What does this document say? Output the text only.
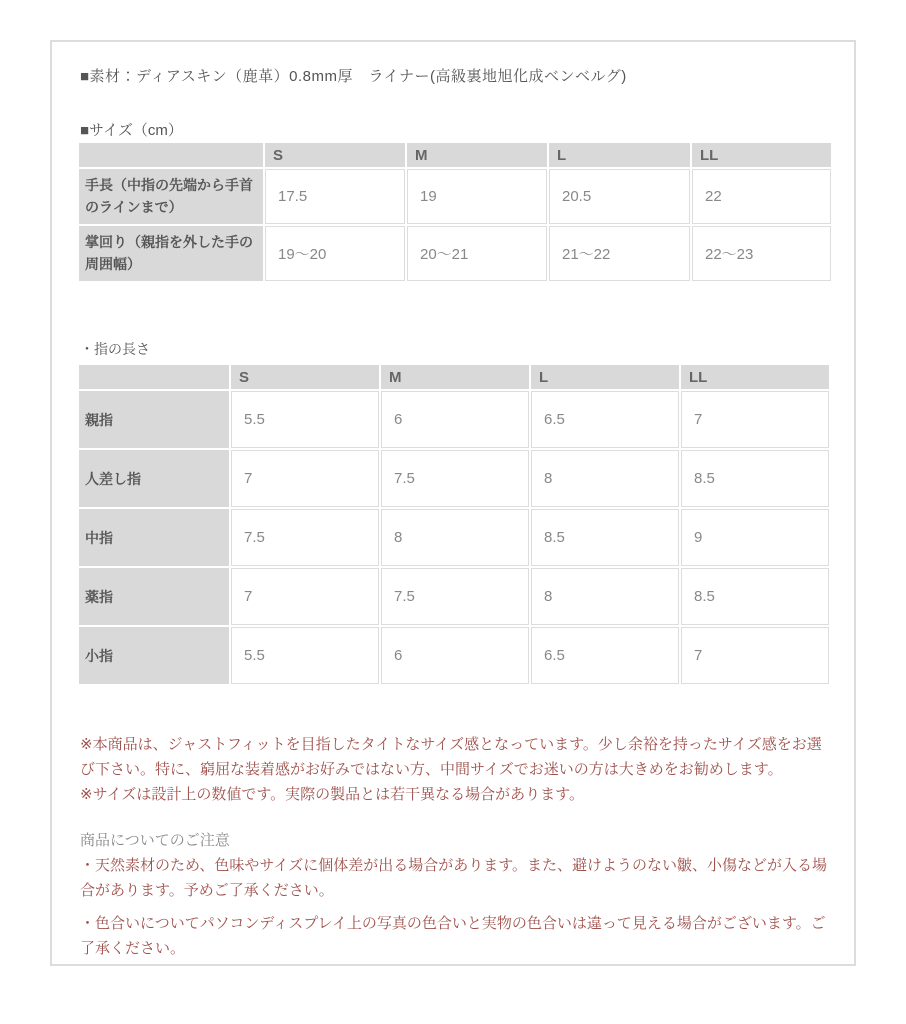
■素材：ディアスキン（鹿革）0.8mm厚　ライナー(高級裏地旭化成ベンベルグ)
■サイズ（cm）
	S	M	L	LL
手長（中指の先端から手首のラインまで）	17.5	19	20.5	22
掌回り（親指を外した手の周囲幅）	19〜20	20〜21	21〜22	22〜23
・指の長さ
	S	M	L	LL
親指	5.5	6	6.5	7
人差し指	7	7.5	8	8.5
中指	7.5	8	8.5	9
薬指	7	7.5	8	8.5
小指	5.5	6	6.5	7

※本商品は、ジャストフィットを目指したタイトなサイズ感となっています。少し余裕を持ったサイズ感をお選び下さい。特に、窮屈な装着感がお好みではない方、中間サイズでお迷いの方は大きめをお勧めします。

※サイズは設計上の数値です。実際の製品とは若干異なる場合があります。

商品についてのご注意

・天然素材のため、色味やサイズに個体差が出る場合があります。また、避けようのない皺、小傷などが入る場合があります。予めご了承ください。

・色合いについてパソコンディスプレイ上の写真の色合いと実物の色合いは違って見える場合がございます。ご了承ください。
